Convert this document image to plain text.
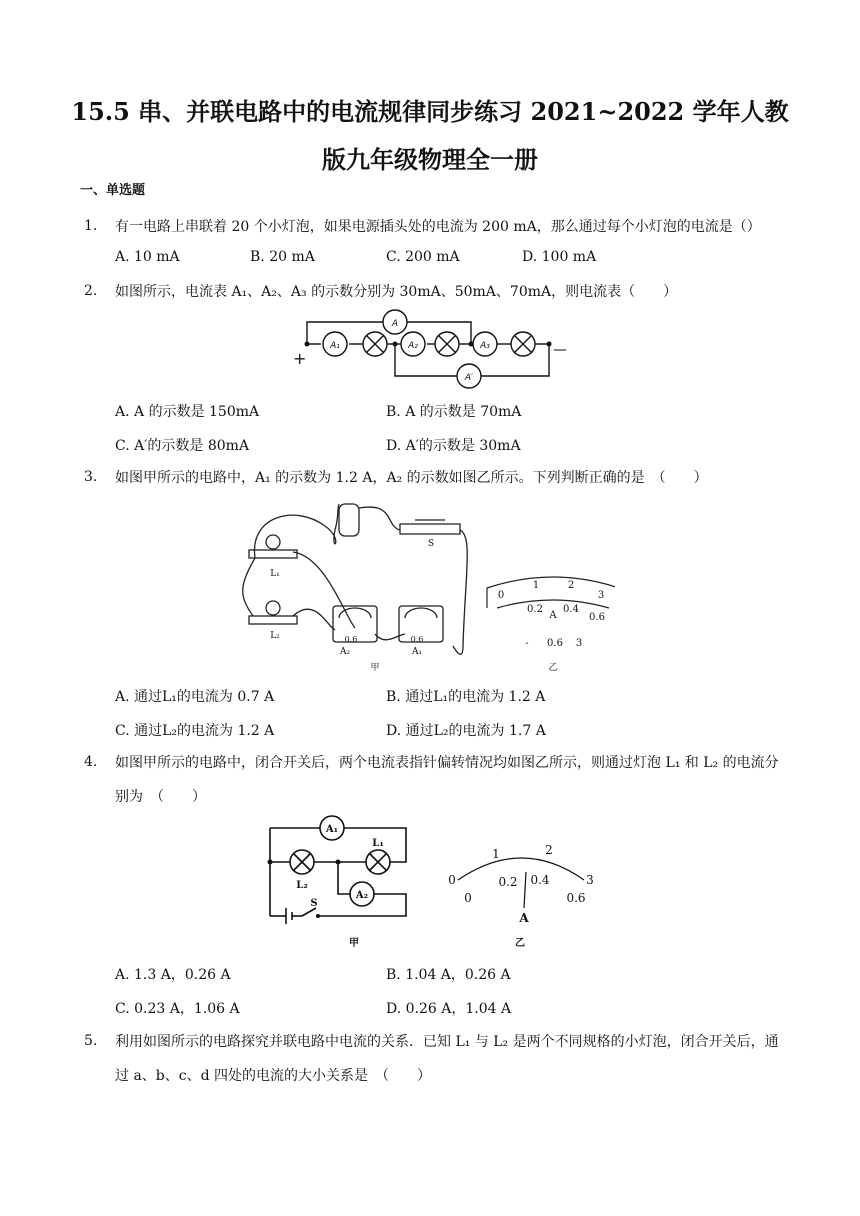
15.5 串、并联电路中的电流规律同步练习 2021~2022 学年人教版九年级物理全一册

一、单选题
1. 有一电路上串联着 20 个小灯泡，如果电源插头处的电流为 200 mA，那么通过每个小灯泡的电流是（）
A. 10 mA	B. 20 mA	C. 200 mA	D. 100 mA
2. 如图所示，电流表 A₁、A₂、A₃ 的示数分别为 30mA、50mA、70mA，则电流表（　　）
A
A₁	A₂	A₃
A′
+	—
A. A 的示数是 150mA	B. A 的示数是 70mA
C. A′的示数是 80mA	D. A′的示数是 30mA
3. 如图甲所示的电路中，A₁ 的示数为 1.2 A，A₂ 的示数如图乙所示。下列判断正确的是　（　　）
S
L₁
L₂
A₂	A₁
甲	乙
0
1	2
3
0.2 0.4
0.6
A
- 0.6 3
0.6	0.6
A. 通过L₁的电流为 0.7 A	B. 通过L₁的电流为 1.2 A
C. 通过L₂的电流为 1.2 A	D. 通过L₂的电流为 1.7 A
4. 如图甲所示的电路中，闭合开关后，两个电流表指针偏转情况均如图乙所示，则通过灯泡 L₁ 和 L₂ 的电流分别为　（　　）
A₁
L₁
L₂
A₂
S
甲	乙
0
1	2
3
0
0.2 0.4
0.6
A
A. 1.3 A，0.26 A	B. 1.04 A，0.26 A
C. 0.23 A，1.06 A	D. 0.26 A，1.04 A
5. 利用如图所示的电路探究并联电路中电流的关系．已知 L₁ 与 L₂ 是两个不同规格的小灯泡，闭合开关后，通过 a、b、c、d 四处的电流的大小关系是　（　　）
